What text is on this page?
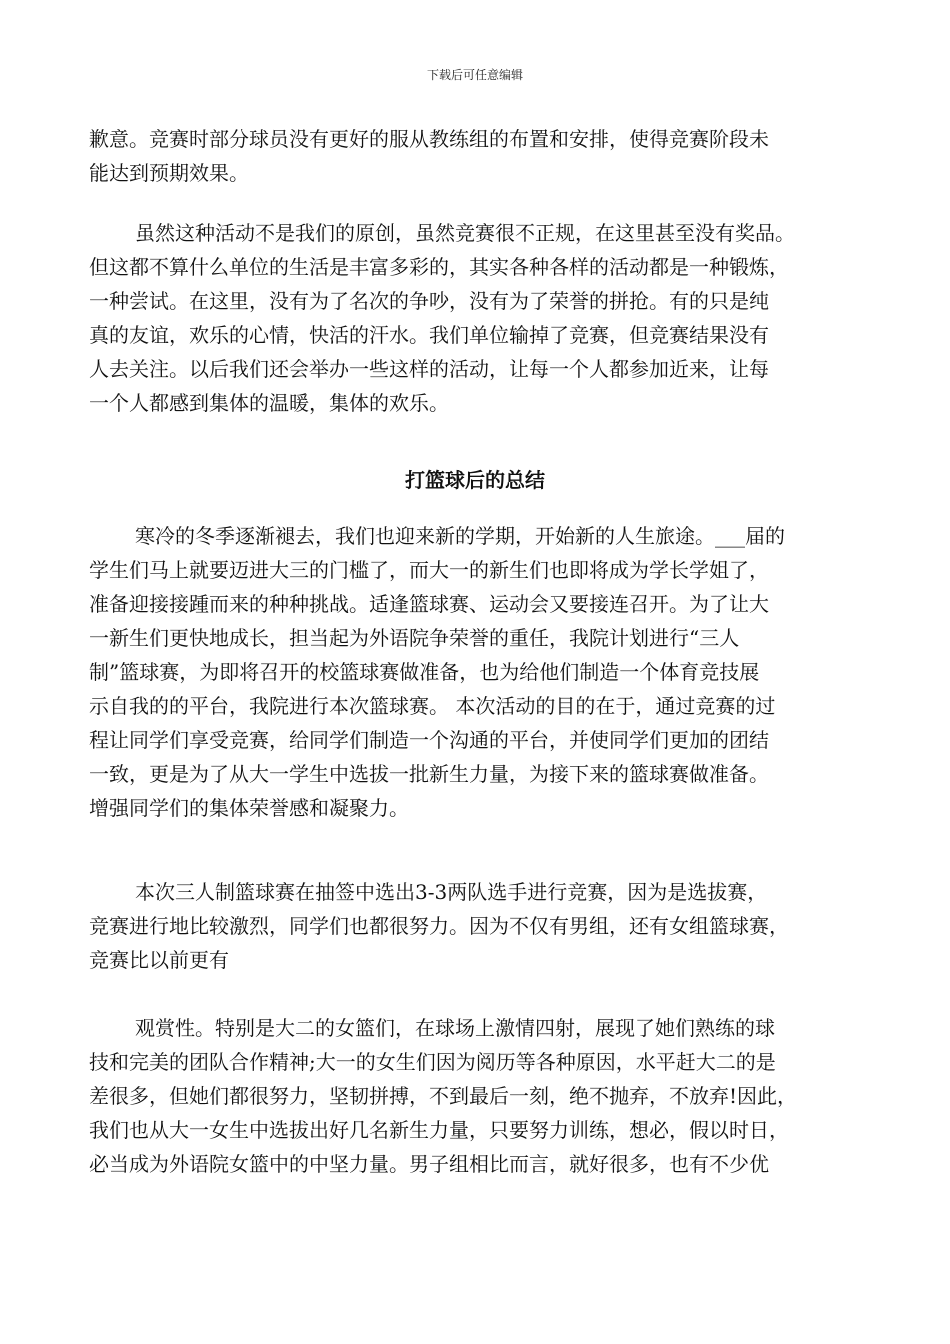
下载后可任意编辑
歉意。竞赛时部分球员没有更好的服从教练组的布置和安排，使得竞赛阶段未
能达到预期效果。
虽然这种活动不是我们的原创，虽然竞赛很不正规，在这里甚至没有奖品。
但这都不算什么单位的生活是丰富多彩的，其实各种各样的活动都是一种锻炼，
一种尝试。在这里，没有为了名次的争吵，没有为了荣誉的拼抢。有的只是纯
真的友谊，欢乐的心情，快活的汗水。我们单位输掉了竞赛，但竞赛结果没有
人去关注。以后我们还会举办一些这样的活动，让每一个人都参加近来，让每
一个人都感到集体的温暖，集体的欢乐。
打篮球后的总结
寒冷的冬季逐渐褪去，我们也迎来新的学期，开始新的人生旅途。___届的
学生们马上就要迈进大三的门槛了，而大一的新生们也即将成为学长学姐了，
准备迎接接踵而来的种种挑战。适逢篮球赛、运动会又要接连召开。为了让大
一新生们更快地成长，担当起为外语院争荣誉的重任，我院计划进行“三人
制”篮球赛，为即将召开的校篮球赛做准备，也为给他们制造一个体育竞技展
示自我的的平台，我院进行本次篮球赛。 本次活动的目的在于，通过竞赛的过
程让同学们享受竞赛，给同学们制造一个沟通的平台，并使同学们更加的团结
一致，更是为了从大一学生中选拔一批新生力量，为接下来的篮球赛做准备。
增强同学们的集体荣誉感和凝聚力。
本次三人制篮球赛在抽签中选出3-3两队选手进行竞赛，因为是选拔赛，
竞赛进行地比较激烈，同学们也都很努力。因为不仅有男组，还有女组篮球赛，
竞赛比以前更有
观赏性。特别是大二的女篮们，在球场上激情四射，展现了她们熟练的球
技和完美的团队合作精神;大一的女生们因为阅历等各种原因，水平赶大二的是
差很多，但她们都很努力，坚韧拼搏，不到最后一刻，绝不抛弃，不放弃!因此，
我们也从大一女生中选拔出好几名新生力量，只要努力训练，想必，假以时日，
必当成为外语院女篮中的中坚力量。男子组相比而言，就好很多，也有不少优
